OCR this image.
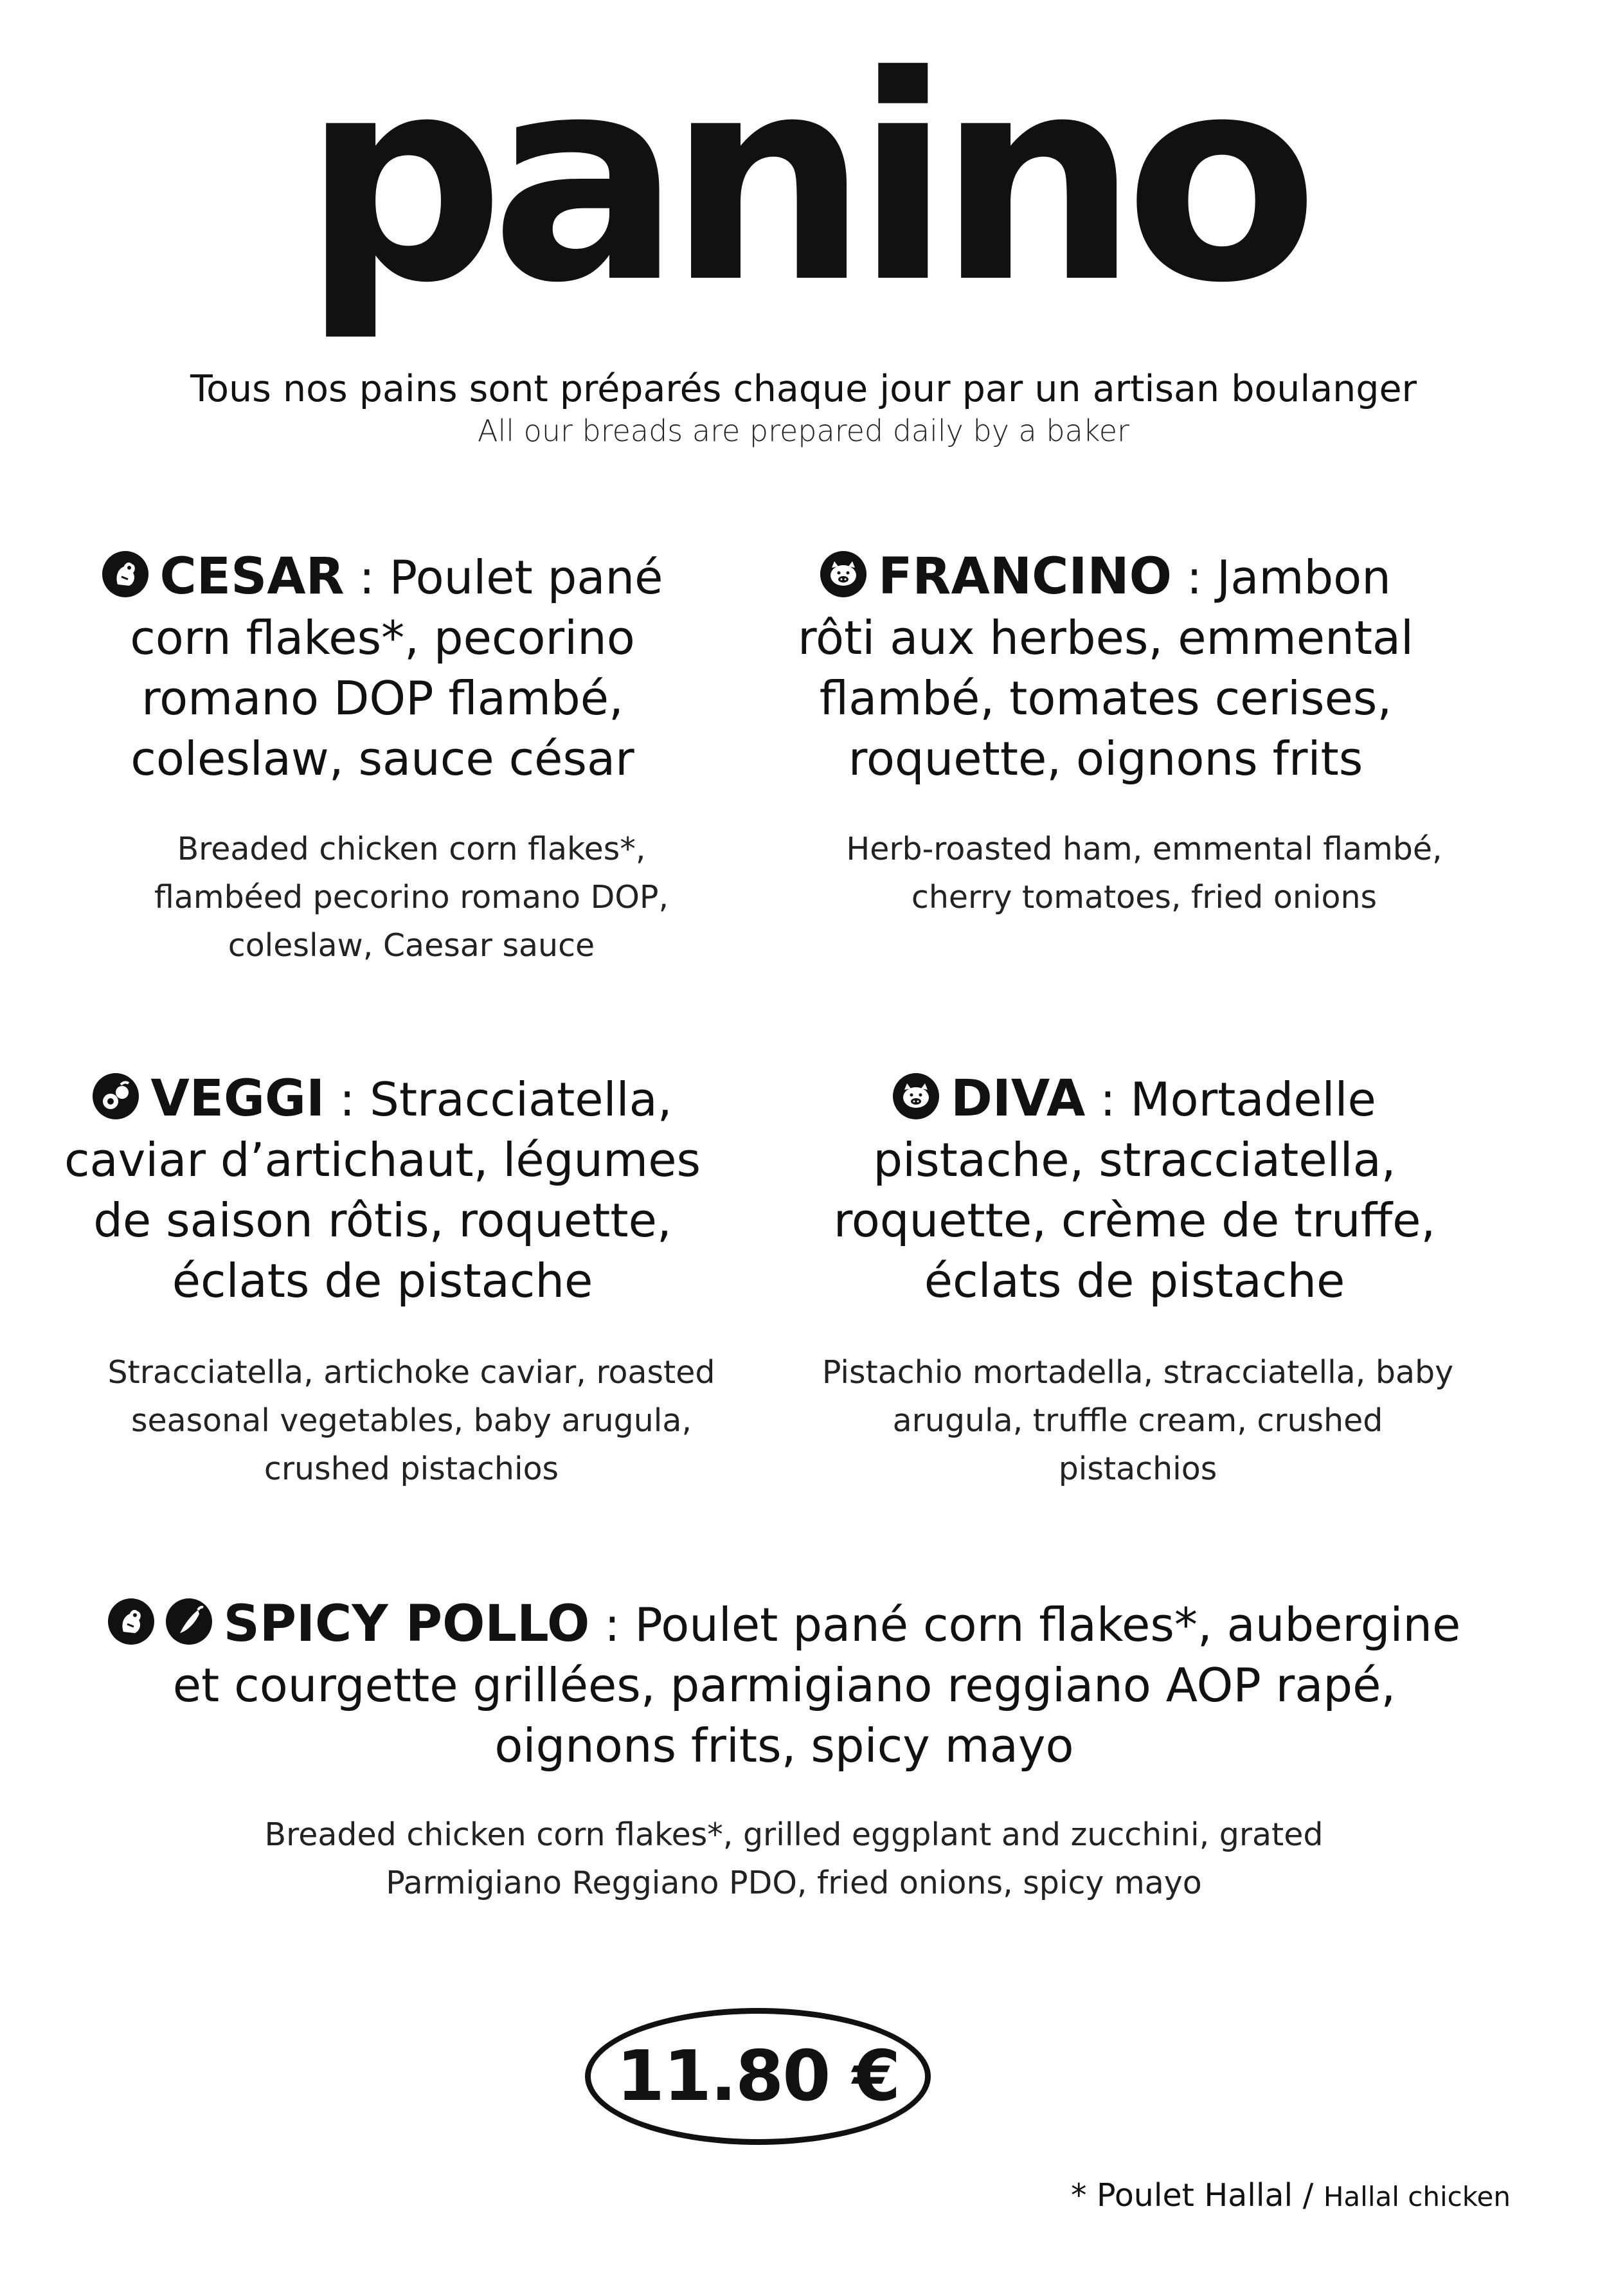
panino
Tous nos pains sont préparés chaque jour par un artisan boulanger
All our breads are prepared daily by a baker
CESAR : Poulet pané corn flakes*, pecorino romano DOP flambé, coleslaw, sauce césar
Breaded chicken corn flakes*, flambéed pecorino romano DOP, coleslaw, Caesar sauce
FRANCINO : Jambon rôti aux herbes, emmental flambé, tomates cerises, roquette, oignons frits
Herb-roasted ham, emmental flambé, cherry tomatoes, fried onions
VEGGI : Stracciatella, caviar d’artichaut, légumes de saison rôtis, roquette, éclats de pistache
Stracciatella, artichoke caviar, roasted seasonal vegetables, baby arugula, crushed pistachios
DIVA : Mortadelle pistache, stracciatella, roquette, crème de truffe, éclats de pistache
Pistachio mortadella, stracciatella, baby arugula, truffle cream, crushed pistachios
SPICY POLLO : Poulet pané corn flakes*, aubergine et courgette grillées, parmigiano reggiano AOP rapé, oignons frits, spicy mayo
Breaded chicken corn flakes*, grilled eggplant and zucchini, grated Parmigiano Reggiano PDO, fried onions, spicy mayo
11.80 €
* Poulet Hallal / Hallal chicken
